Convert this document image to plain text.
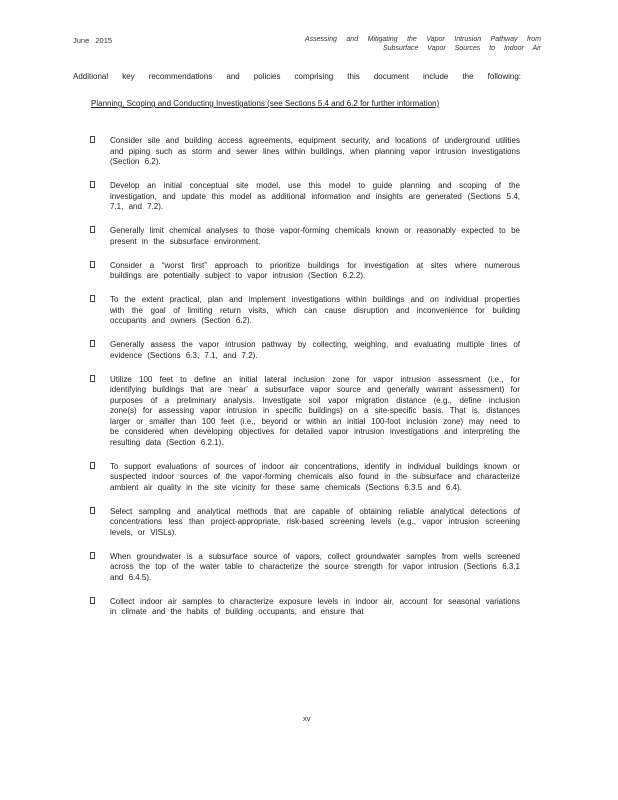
June 2015	Assessing and Mitigating the Vapor Intrusion Pathway from
Subsurface Vapor Sources to Indoor Air
Additional key recommendations and policies comprising this document include the following:
Planning, Scoping and Conducting Investigations (see Sections 5.4 and 6.2 for further information)
Consider site and building access agreements, equipment security, and locations of underground utilities and piping such as storm and sewer lines within buildings, when planning vapor intrusion investigations (Section 6.2).
Develop an initial conceptual site model, use this model to guide planning and scoping of the investigation, and update this model as additional information and insights are generated (Sections 5.4, 7.1, and 7.2).
Generally limit chemical analyses to those vapor-forming chemicals known or reasonably expected to be present in the subsurface environment.
Consider a “worst first” approach to prioritize buildings for investigation at sites where numerous buildings are potentially subject to vapor intrusion (Section 6.2.2).
To the extent practical, plan and implement investigations within buildings and on individual properties with the goal of limiting return visits, which can cause disruption and inconvenience for building occupants and owners (Section 6.2).
Generally assess the vapor intrusion pathway by collecting, weighing, and evaluating multiple lines of evidence (Sections 6.3, 7.1, and 7.2).
Utilize 100 feet to define an initial lateral inclusion zone for vapor intrusion assessment (i.e., for identifying buildings that are ‘near’ a subsurface vapor source and generally warrant assessment) for purposes of a preliminary analysis. Investigate soil vapor migration distance (e.g., define inclusion zone(s) for assessing vapor intrusion in specific buildings) on a site-specific basis. That is, distances larger or smaller than 100 feet (i.e., beyond or within an initial 100-foot inclusion zone) may need to be considered when developing objectives for detailed vapor intrusion investigations and interpreting the resulting data (Section 6.2.1).
To support evaluations of sources of indoor air concentrations, identify in individual buildings known or suspected indoor sources of the vapor-forming chemicals also found in the subsurface and characterize ambient air quality in the site vicinity for these same chemicals (Sections 6.3.5 and 6.4).
Select sampling and analytical methods that are capable of obtaining reliable analytical detections of concentrations less than project-appropriate, risk-based screening levels (e.g., vapor intrusion screening levels, or VISLs).
When groundwater is a subsurface source of vapors, collect groundwater samples from wells screened across the top of the water table to characterize the source strength for vapor intrusion (Sections 6.3.1 and 6.4.5).
Collect indoor air samples to characterize exposure levels in indoor air, account for seasonal variations in climate and the habits of building occupants, and ensure that
xv
